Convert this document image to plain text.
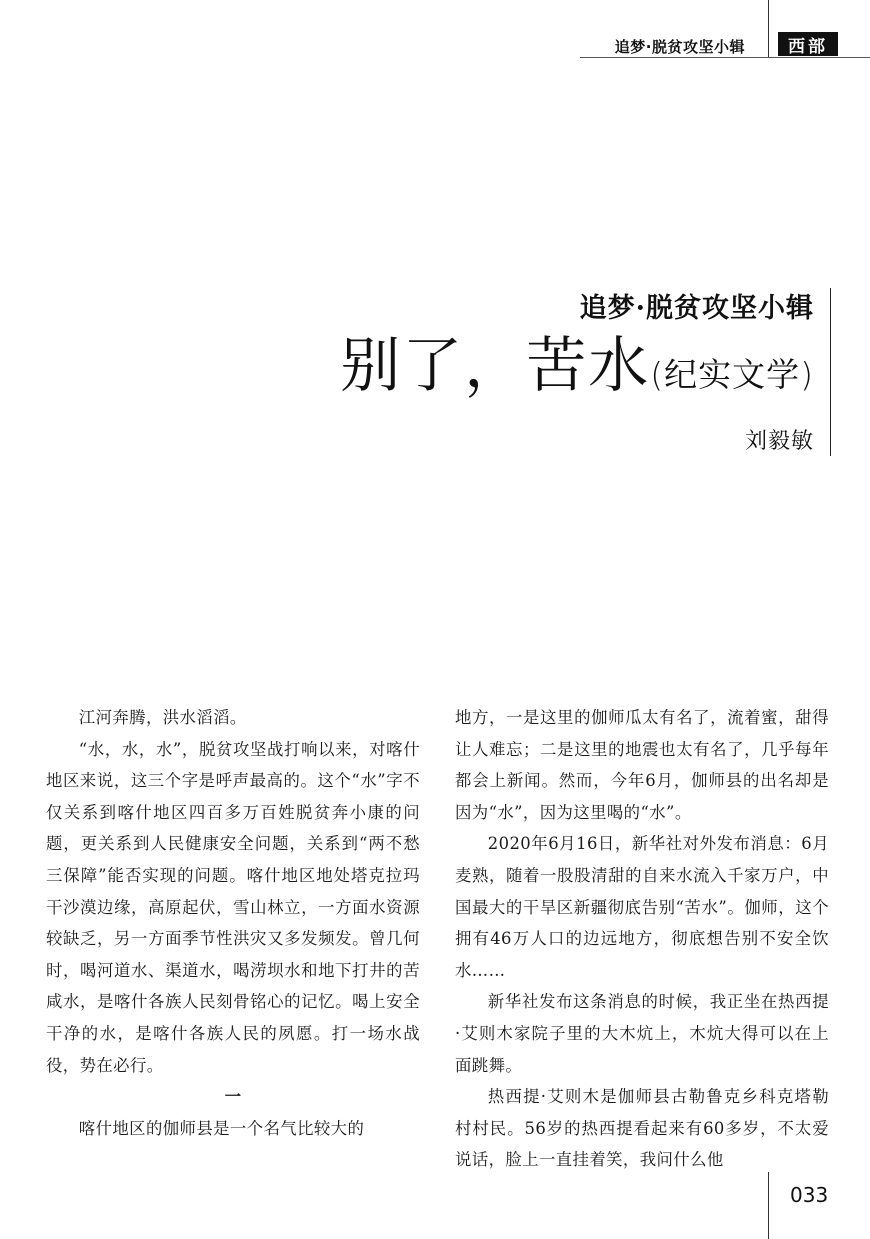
追梦·脱贫攻坚小辑	西部
追梦·脱贫攻坚小辑
别了，苦水(纪实文学)
刘毅敏

江河奔腾，洪水滔滔。

“水，水，水”，脱贫攻坚战打响以来，对喀什地区来说，这三个字是呼声最高的。这个“水”字不仅关系到喀什地区四百多万百姓脱贫奔小康的问题，更关系到人民健康安全问题，关系到“两不愁三保障”能否实现的问题。喀什地区地处塔克拉玛干沙漠边缘，高原起伏，雪山林立，一方面水资源较缺乏，另一方面季节性洪灾又多发频发。曾几何时，喝河道水、渠道水，喝涝坝水和地下打井的苦咸水，是喀什各族人民刻骨铭心的记忆。喝上安全干净的水，是喀什各族人民的夙愿。打一场水战役，势在必行。

一

喀什地区的伽师县是一个名气比较大的

地方，一是这里的伽师瓜太有名了，流着蜜，甜得让人难忘；二是这里的地震也太有名了，几乎每年都会上新闻。然而，今年6月，伽师县的出名却是因为“水”，因为这里喝的“水”。

2020年6月16日，新华社对外发布消息：6月麦熟，随着一股股清甜的自来水流入千家万户，中国最大的干旱区新疆彻底告别“苦水”。伽师，这个拥有46万人口的边远地方，彻底想告别不安全饮水……

新华社发布这条消息的时候，我正坐在热西提·艾则木家院子里的大木炕上，木炕大得可以在上面跳舞。

热西提·艾则木是伽师县古勒鲁克乡科克塔勒村村民。56岁的热西提看起来有60多岁，不太爱说话，脸上一直挂着笑，我问什么他

033
